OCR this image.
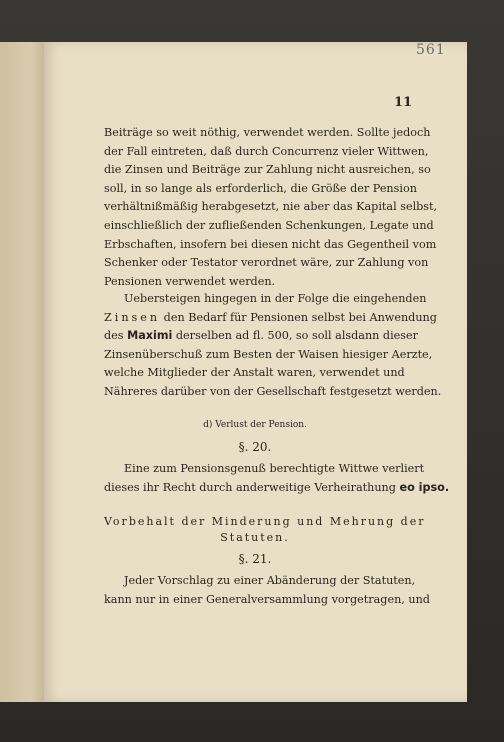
561
11
Beiträge so weit nöthig, verwendet werden. Sollte jedoch
der Fall eintreten, daß durch Concurrenz vieler Wittwen,
die Zinsen und Beiträge zur Zahlung nicht ausreichen, so
soll, in so lange als erforderlich, die Größe der Pension
verhältnißmäßig herabgesetzt, nie aber das Kapital selbst,
einschließlich der zufließenden Schenkungen, Legate und
Erbschaften, insofern bei diesen nicht das Gegentheil vom
Schenker oder Testator verordnet wäre, zur Zahlung von
Pensionen verwendet werden.
Uebersteigen hingegen in der Folge die eingehenden
Zinsen den Bedarf für Pensionen selbst bei Anwendung
des Maximi derselben ad fl. 500, so soll alsdann dieser
Zinsenüberschuß zum Besten der Waisen hiesiger Aerzte,
welche Mitglieder der Anstalt waren, verwendet und
Nähreres darüber von der Gesellschaft festgesetzt werden.
d) Verlust der Pension.
§. 20.
Eine zum Pensionsgenuß berechtigte Wittwe verliert
dieses ihr Recht durch anderweitige Verheirathung eo ipso.
Vorbehalt der Minderung und Mehrung der
Statuten.
§. 21.
Jeder Vorschlag zu einer Abänderung der Statuten,
kann nur in einer Generalversammlung vorgetragen, und
